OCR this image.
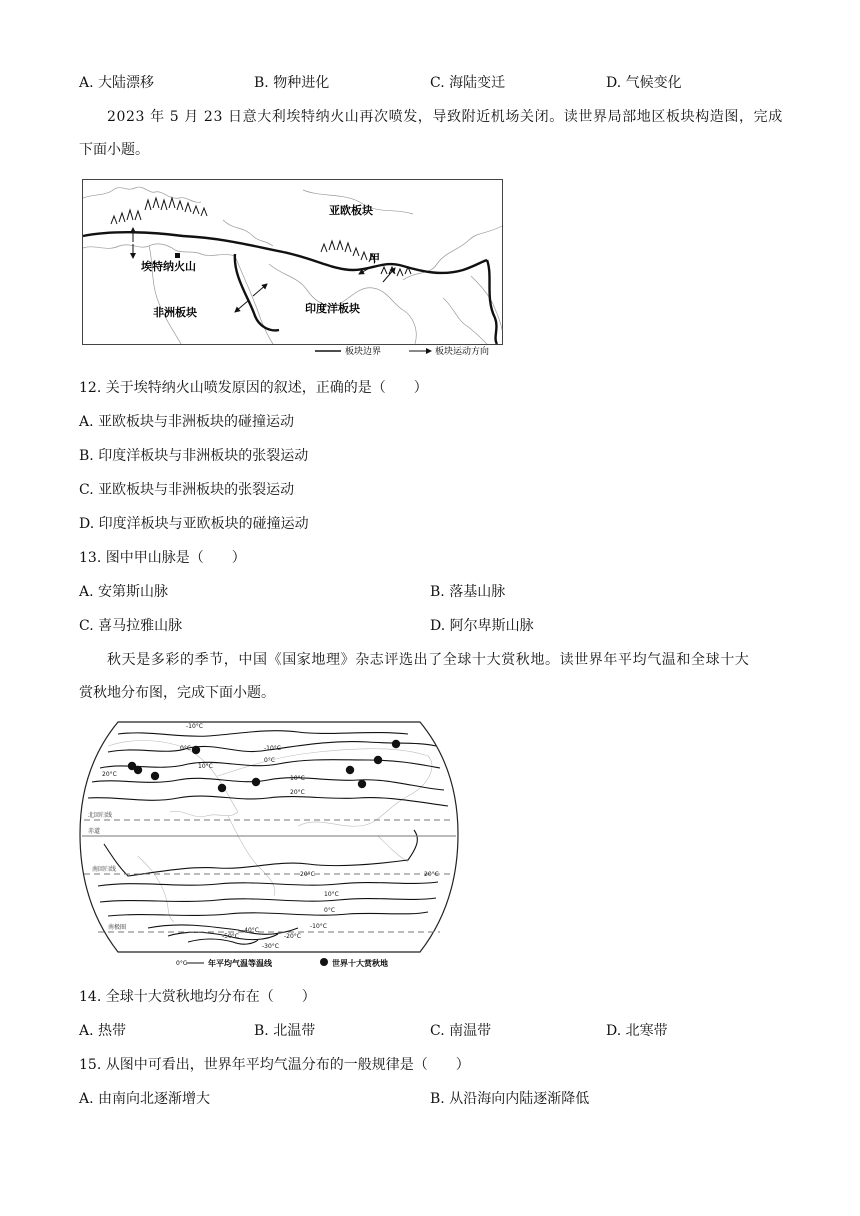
A. 大陆漂移	B. 物种进化	C. 海陆变迁	D. 气候变化
2023 年 5 月 23 日意大利埃特纳火山再次喷发，导致附近机场关闭。读世界局部地区板块构造图，完成
下面小题。
亚欧板块
埃特纳火山
非洲板块	印度洋板块
甲
板块边界	板块运动方向
12. 关于埃特纳火山喷发原因的叙述，正确的是（　　）
A. 亚欧板块与非洲板块的碰撞运动
B. 印度洋板块与非洲板块的张裂运动
C. 亚欧板块与非洲板块的张裂运动
D. 印度洋板块与亚欧板块的碰撞运动
13. 图中甲山脉是（　　）
A. 安第斯山脉	B. 落基山脉
C. 喜马拉雅山脉	D. 阿尔卑斯山脉
秋天是多彩的季节，中国《国家地理》杂志评选出了全球十大赏秋地。读世界年平均气温和全球十大
赏秋地分布图，完成下面小题。
北回归线
赤道
南回归线
南极圈
-10°C
0°C	-10°C
10°C
20°C
0°C
10°C
20°C
20°C
20°C
10°C
0°C
-10°C
-20°C
-30°C
-40°C
-50°C
0°C	年平均气温等温线	世界十大赏秋地
14. 全球十大赏秋地均分布在（　　）
A. 热带	B. 北温带	C. 南温带	D. 北寒带
15. 从图中可看出，世界年平均气温分布的一般规律是（　　）
A. 由南向北逐渐增大	B. 从沿海向内陆逐渐降低
